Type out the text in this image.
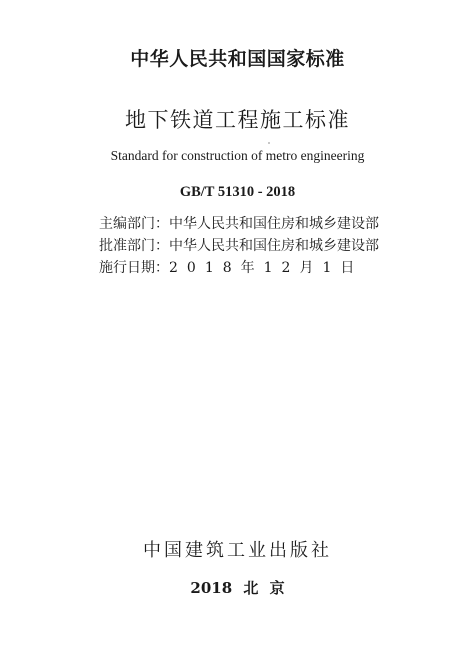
中华人民共和国国家标准
地下铁道工程施工标准
Standard for construction of metro engineering
GB/T 51310 - 2018
主编部门：中华人民共和国住房和城乡建设部
批准部门：中华人民共和国住房和城乡建设部
施行日期：2018年12月1日
中国建筑工业出版社
2018 北 京
